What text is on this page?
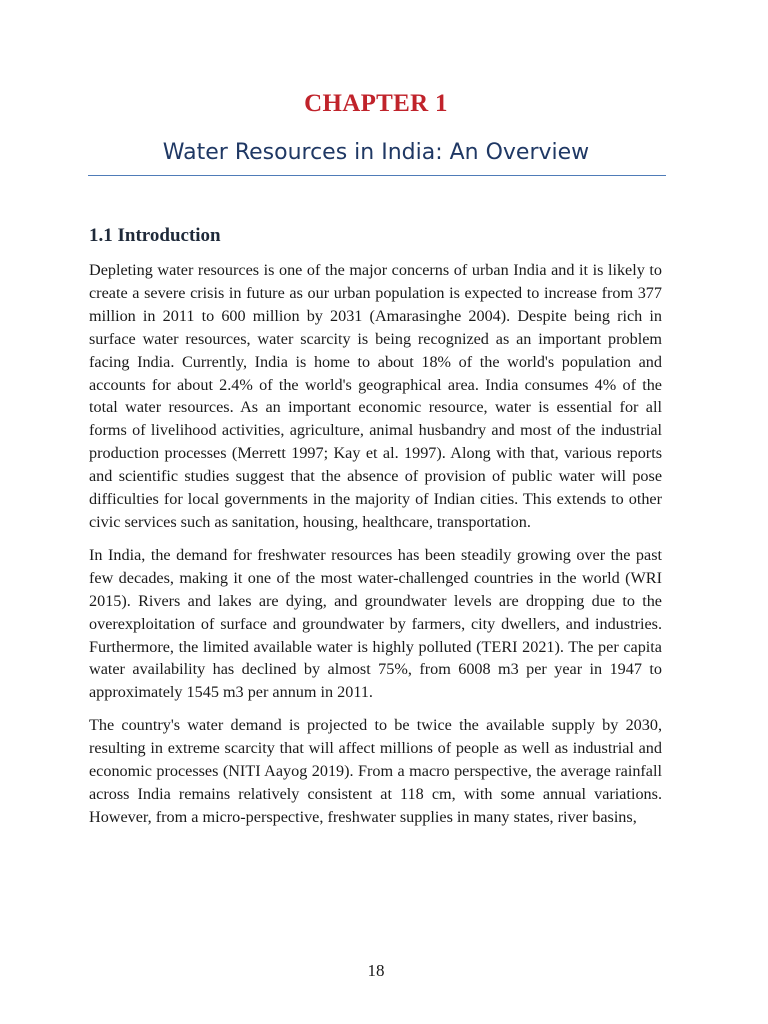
CHAPTER 1
Water Resources in India: An Overview
1.1 Introduction

Depleting water resources is one of the major concerns of urban India and it is likely to create a severe crisis in future as our urban population is expected to increase from 377 million in 2011 to 600 million by 2031 (Amarasinghe 2004). Despite being rich in surface water resources, water scarcity is being recognized as an important problem facing India. Currently, India is home to about 18% of the world's population and accounts for about 2.4% of the world's geographical area. India consumes 4% of the total water resources. As an important economic resource, water is essential for all forms of livelihood activities, agriculture, animal husbandry and most of the industrial production processes (Merrett 1997; Kay et al. 1997). Along with that, various reports and scientific studies suggest that the absence of provision of public water will pose difficulties for local governments in the majority of Indian cities. This extends to other civic services such as sanitation, housing, healthcare, transportation.

In India, the demand for freshwater resources has been steadily growing over the past few decades, making it one of the most water-challenged countries in the world (WRI 2015). Rivers and lakes are dying, and groundwater levels are dropping due to the overexploitation of surface and groundwater by farmers, city dwellers, and industries. Furthermore, the limited available water is highly polluted (TERI 2021). The per capita water availability has declined by almost 75%, from 6008 m3 per year in 1947 to approximately 1545 m3 per annum in 2011.

The country's water demand is projected to be twice the available supply by 2030, resulting in extreme scarcity that will affect millions of people as well as industrial and economic processes (NITI Aayog 2019). From a macro perspective, the average rainfall across India remains relatively consistent at 118 cm, with some annual variations. However, from a micro-perspective, freshwater supplies in many states, river basins,

18
